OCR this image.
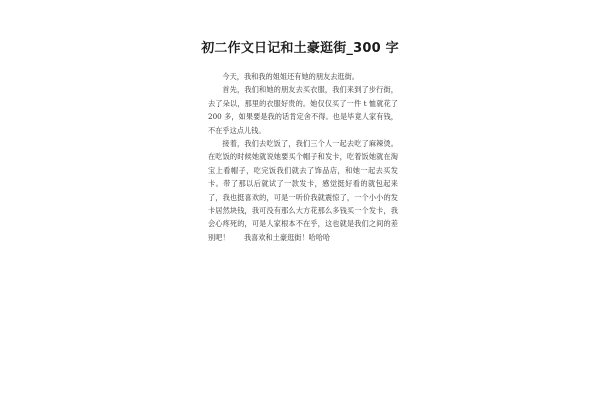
初二作文日记和土豪逛街_300 字

今天，我和我的姐姐还有她的朋友去逛街。

首先，我们和她的朋友去买衣服，我们来到了步行街，去了朵以，那里的衣服好贵的。她仅仅买了一件 t 恤就花了 200 多，如果要是我的话肯定舍不得。也是毕竟人家有钱，不在乎这点儿钱。

接着，我们去吃饭了，我们三个人一起去吃了麻辣烫。在吃饭的时候她就说她要买个帽子和发卡，吃着饭她就在淘宝上看帽子，吃完饭我们就去了饰品店，和她一起去买发卡。带了那以后就试了一款发卡，感觉挺好看的就包起来了，我也挺喜欢的，可是一听价我就震惊了，一个小小的发卡居然块钱，我可没有那么大方花那么多钱买一个发卡，我会心疼死的，可是人家根本不在乎，这也就是我们之间的差别吧！　　我喜欢和土豪逛街！哈哈哈
